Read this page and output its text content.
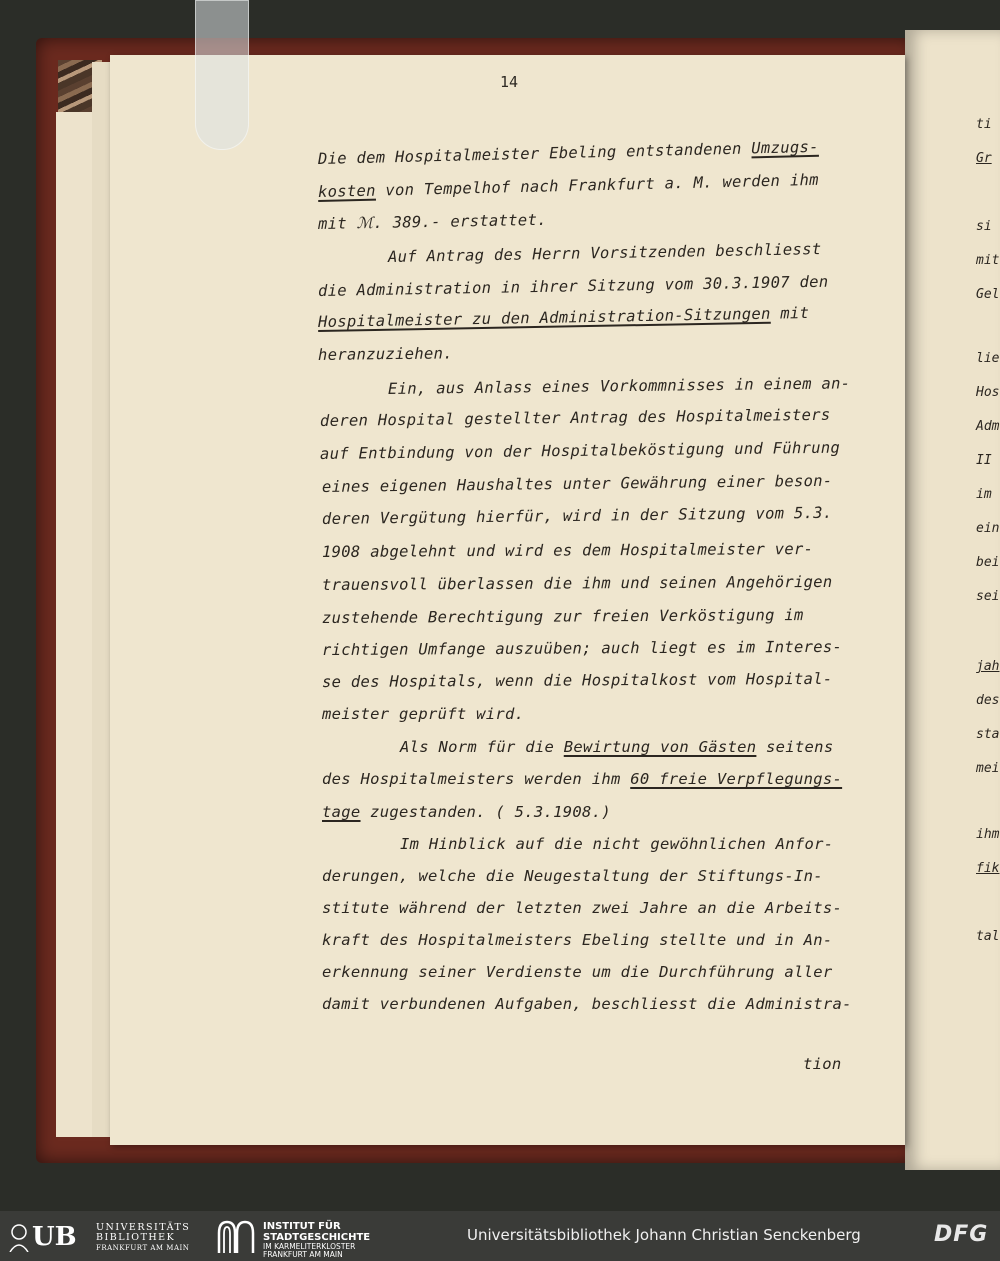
14
Die dem Hospitalmeister Ebeling entstandenen Umzugs-
kosten von Tempelhof nach Frankfurt a. M. werden ihm
mit ℳ. 389.- erstattet.
Auf Antrag des Herrn Vorsitzenden beschliesst
die Administration in ihrer Sitzung vom 30.3.1907 den
Hospitalmeister zu den Administration-Sitzungen mit
heranzuziehen.
Ein, aus Anlass eines Vorkommnisses in einem an-
deren Hospital gestellter Antrag des Hospitalmeisters
auf Entbindung von der Hospitalbeköstigung und Führung
eines eigenen Haushaltes unter Gewährung einer beson-
deren Vergütung hierfür, wird in der Sitzung vom 5.3.
1908 abgelehnt und wird es dem Hospitalmeister ver-
trauensvoll überlassen die ihm und seinen Angehörigen
zustehende Berechtigung zur freien Verköstigung im
richtigen Umfange auszuüben; auch liegt es im Interes-
se des Hospitals, wenn die Hospitalkost vom Hospital-
meister geprüft wird.
Als Norm für die Bewirtung von Gästen seitens
des Hospitalmeisters werden ihm 60 freie Verpflegungs-
tage zugestanden. ( 5.3.1908.)
Im Hinblick auf die nicht gewöhnlichen Anfor-
derungen, welche die Neugestaltung der Stiftungs-In-
stitute während der letzten zwei Jahre an die Arbeits-
kraft des Hospitalmeisters Ebeling stellte und in An-
erkennung seiner Verdienste um die Durchführung aller
damit verbundenen Aufgaben, beschliesst die Administra-
tion
ti
Gr
si
mit
Gel
lie
Hos
Adm
II
im
ein
bei
sei
jah
des
sta
mei
ihm
fik
tal
UB UNIVERSITÄTS
BIBLIOTHEK
FRANKFURT AM MAIN
INSTITUT FÜR
STADTGESCHICHTE
IM KARMELITERKLOSTER
FRANKFURT AM MAIN
Universitätsbibliothek Johann Christian Senckenberg	DFG
